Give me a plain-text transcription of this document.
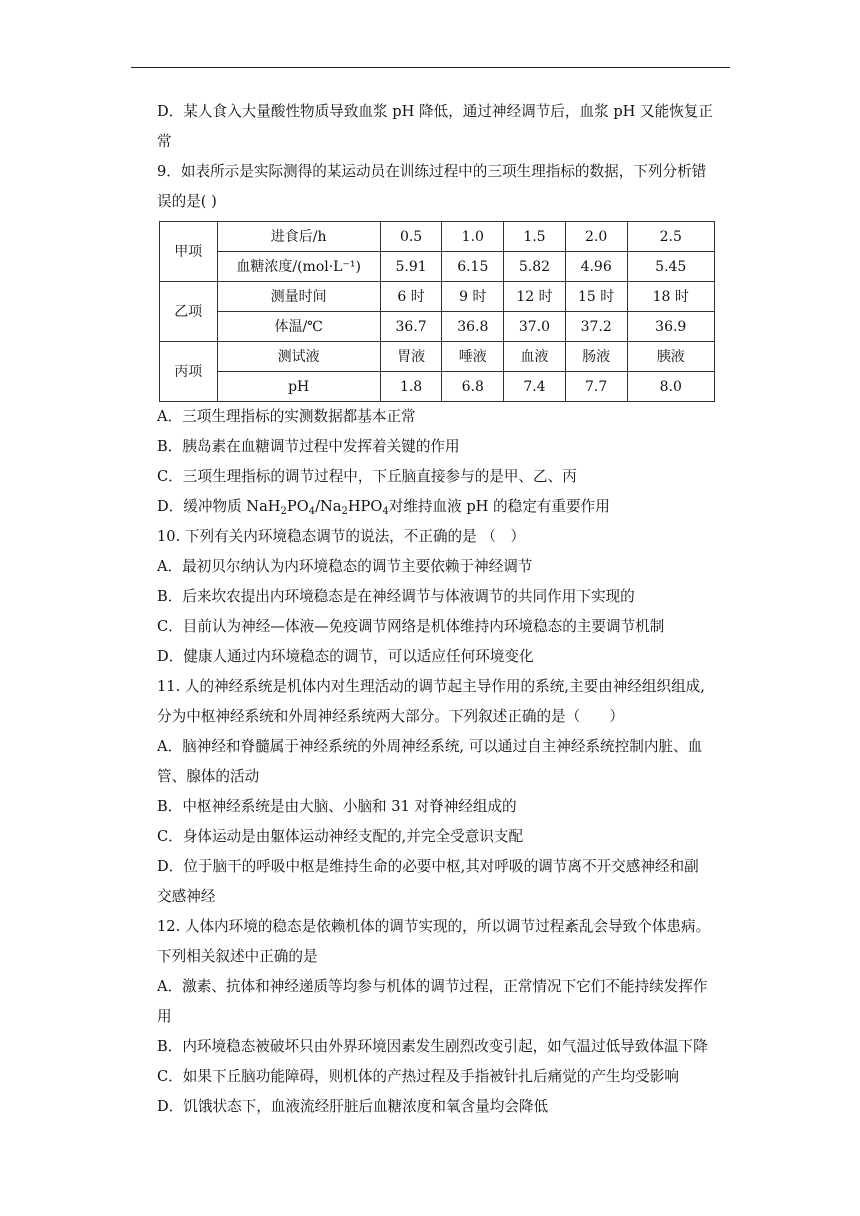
D．某人食入大量酸性物质导致血浆 pH 降低，通过神经调节后，血浆 pH 又能恢复正
常
9．如表所示是实际测得的某运动员在训练过程中的三项生理指标的数据，下列分析错
误的是( )
甲项	进食后/h	0.5	1.0	1.5	2.0	2.5
	血糖浓度/(mol·L⁻¹)	5.91	6.15	5.82	4.96	5.45
乙项	测量时间	6 时	9 时	12 时	15 时	18 时
	体温/℃	36.7	36.8	37.0	37.2	36.9
丙项	测试液	胃液	唾液	血液	肠液	胰液
	pH	1.8	6.8	7.4	7.7	8.0
A．三项生理指标的实测数据都基本正常
B．胰岛素在血糖调节过程中发挥着关键的作用
C．三项生理指标的调节过程中，下丘脑直接参与的是甲、乙、丙
D．缓冲物质 $NaH_2PO_4/Na_2HPO_4$对维持血液 pH 的稳定有重要作用
10. 下列有关内环境稳态调节的说法，不正确的是 （　）
A．最初贝尔纳认为内环境稳态的调节主要依赖于神经调节
B．后来坎农提出内环境稳态是在神经调节与体液调节的共同作用下实现的
C．目前认为神经—体液—免疫调节网络是机体维持内环境稳态的主要调节机制
D．健康人通过内环境稳态的调节，可以适应任何环境变化
11. 人的神经系统是机体内对生理活动的调节起主导作用的系统,主要由神经组织组成,
分为中枢神经系统和外周神经系统两大部分。下列叙述正确的是（　　）
A．脑神经和脊髓属于神经系统的外周神经系统, 可以通过自主神经系统控制内脏、血
管、腺体的活动
B．中枢神经系统是由大脑、小脑和 31 对脊神经组成的
C．身体运动是由躯体运动神经支配的,并完全受意识支配
D．位于脑干的呼吸中枢是维持生命的必要中枢,其对呼吸的调节离不开交感神经和副
交感神经
12. 人体内环境的稳态是依赖机体的调节实现的，所以调节过程紊乱会导致个体患病。
下列相关叙述中正确的是
A．激素、抗体和神经递质等均参与机体的调节过程，正常情况下它们不能持续发挥作
用
B．内环境稳态被破坏只由外界环境因素发生剧烈改变引起，如气温过低导致体温下降
C．如果下丘脑功能障碍，则机体的产热过程及手指被针扎后痛觉的产生均受影响
D．饥饿状态下，血液流经肝脏后血糖浓度和氧含量均会降低
